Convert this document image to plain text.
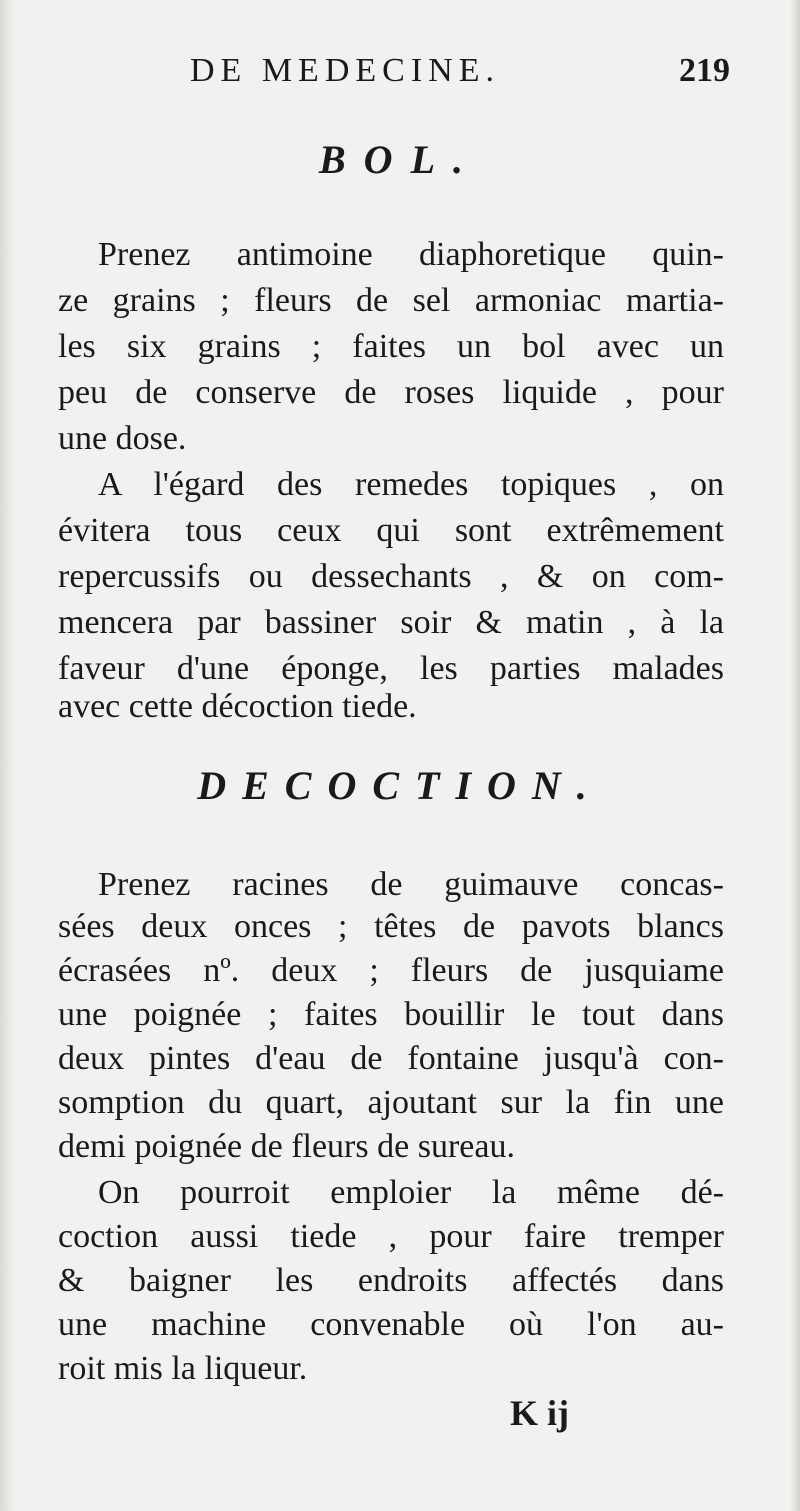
DE MEDECINE.	219
BOL.
Prenez antimoine diaphoretique quin-
ze grains ; fleurs de sel armoniac martia-
les six grains ; faites un bol avec un
peu de conserve de roses liquide , pour
une dose.
A l'égard des remedes topiques , on
évitera tous ceux qui sont extrêmement
repercussifs ou dessechants , & on com-
mencera par bassiner soir & matin , à la
faveur d'une éponge, les parties malades
avec cette décoction tiede.
DECOCTION.
Prenez racines de guimauve concas-
sées deux onces ; têtes de pavots blancs
écrasées nº. deux ; fleurs de jusquiame
une poignée ; faites bouillir le tout dans
deux pintes d'eau de fontaine jusqu'à con-
somption du quart, ajoutant sur la fin une
demi poignée de fleurs de sureau.
On pourroit emploier la même dé-
coction aussi tiede , pour faire tremper
& baigner les endroits affectés dans
une machine convenable où l'on au-
roit mis la liqueur.
K ij
